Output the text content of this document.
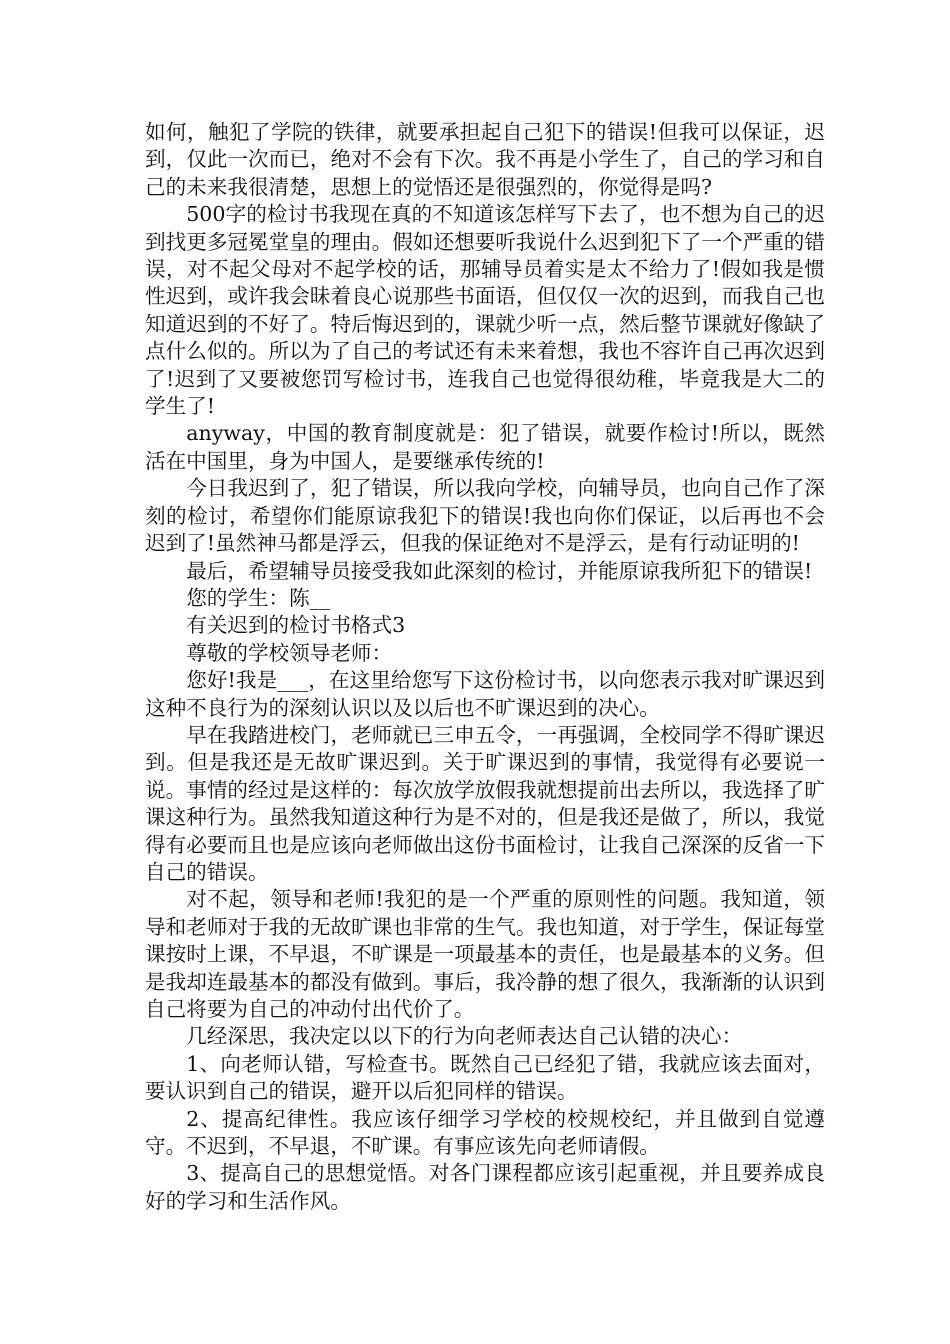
如何，触犯了学院的铁律，就要承担起自己犯下的错误!但我可以保证，迟到，仅此一次而已，绝对不会有下次。我不再是小学生了，自己的学习和自己的未来我很清楚，思想上的觉悟还是很强烈的，你觉得是吗?

500字的检讨书我现在真的不知道该怎样写下去了，也不想为自己的迟到找更多冠冕堂皇的理由。假如还想要听我说什么迟到犯下了一个严重的错误，对不起父母对不起学校的话，那辅导员着实是太不给力了!假如我是惯性迟到，或许我会昧着良心说那些书面语，但仅仅一次的迟到，而我自己也知道迟到的不好了。特后悔迟到的，课就少听一点，然后整节课就好像缺了点什么似的。所以为了自己的考试还有未来着想，我也不容许自己再次迟到了!迟到了又要被您罚写检讨书，连我自己也觉得很幼稚，毕竟我是大二的学生了!

anyway，中国的教育制度就是：犯了错误，就要作检讨!所以，既然活在中国里，身为中国人，是要继承传统的!

今日我迟到了，犯了错误，所以我向学校，向辅导员，也向自己作了深刻的检讨，希望你们能原谅我犯下的错误!我也向你们保证，以后再也不会迟到了!虽然神马都是浮云，但我的保证绝对不是浮云，是有行动证明的!

最后，希望辅导员接受我如此深刻的检讨，并能原谅我所犯下的错误!

您的学生：陈__

有关迟到的检讨书格式3

尊敬的学校领导老师：

您好!我是___，在这里给您写下这份检讨书，以向您表示我对旷课迟到这种不良行为的深刻认识以及以后也不旷课迟到的决心。

早在我踏进校门，老师就已三申五令，一再强调，全校同学不得旷课迟到。但是我还是无故旷课迟到。关于旷课迟到的事情，我觉得有必要说一说。事情的经过是这样的：每次放学放假我就想提前出去所以，我选择了旷课这种行为。虽然我知道这种行为是不对的，但是我还是做了，所以，我觉得有必要而且也是应该向老师做出这份书面检讨，让我自己深深的反省一下自己的错误。

对不起，领导和老师!我犯的是一个严重的原则性的问题。我知道，领导和老师对于我的无故旷课也非常的生气。我也知道，对于学生，保证每堂课按时上课，不早退，不旷课是一项最基本的责任，也是最基本的义务。但是我却连最基本的都没有做到。事后，我冷静的想了很久，我渐渐的认识到自己将要为自己的冲动付出代价了。

几经深思，我决定以以下的行为向老师表达自己认错的决心：

1、向老师认错，写检查书。既然自己已经犯了错，我就应该去面对，要认识到自己的错误，避开以后犯同样的错误。

2、提高纪律性。我应该仔细学习学校的校规校纪，并且做到自觉遵守。不迟到，不早退，不旷课。有事应该先向老师请假。

3、提高自己的思想觉悟。对各门课程都应该引起重视，并且要养成良好的学习和生活作风。
